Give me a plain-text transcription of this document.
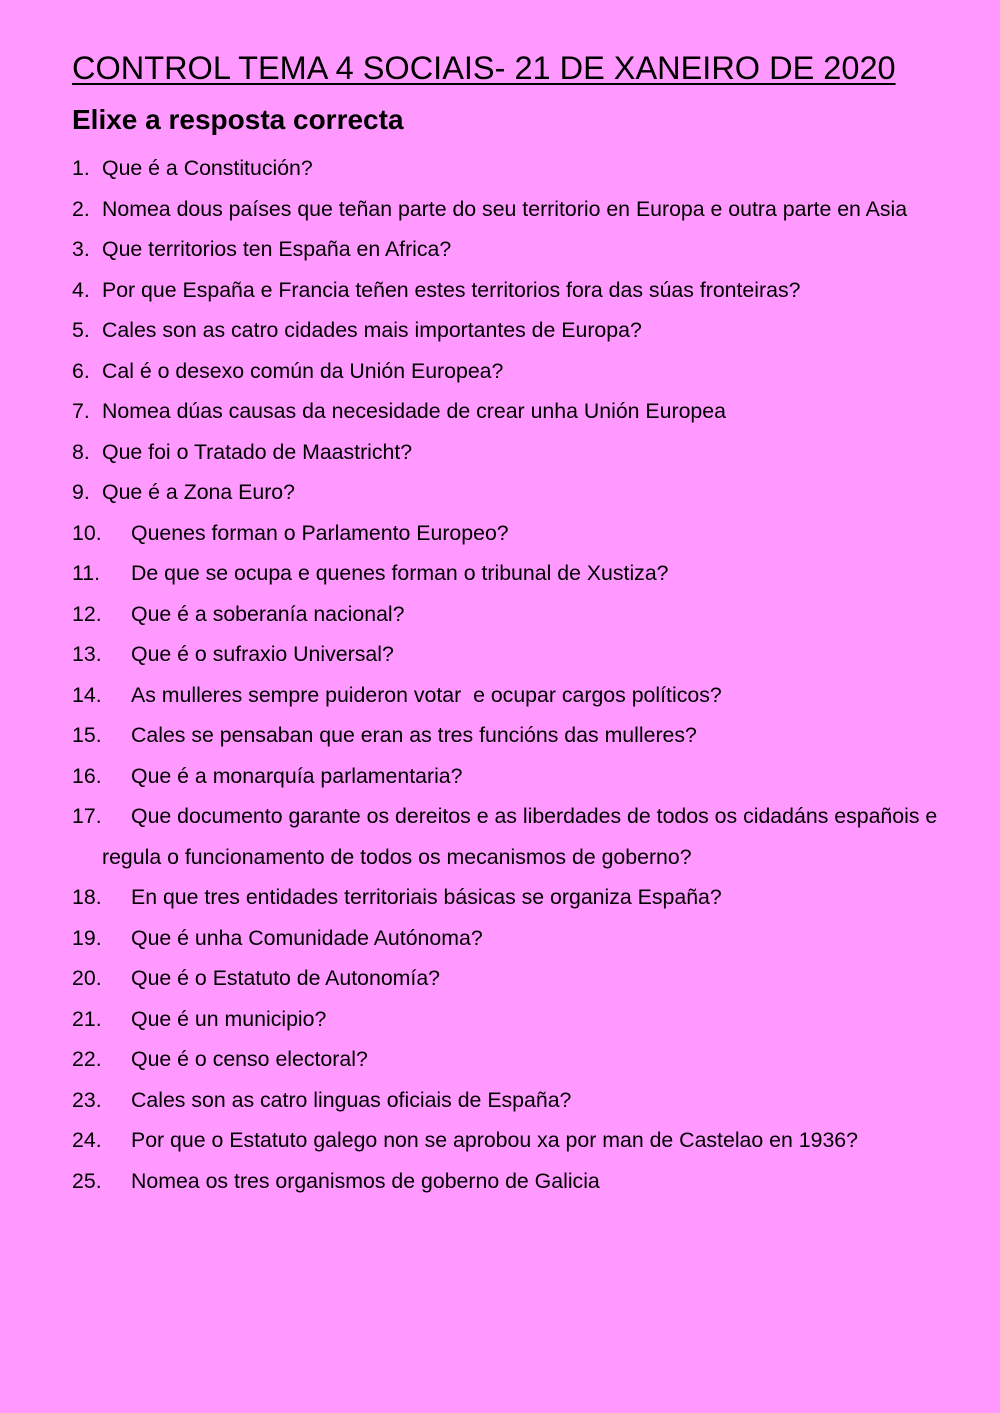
CONTROL TEMA 4 SOCIAIS- 21 DE XANEIRO DE 2020
Elixe a resposta correcta
1. Que é a Constitución?
2. Nomea dous países que teñan parte do seu territorio en Europa e outra parte en Asia
3. Que territorios ten España en Africa?
4. Por que España e Francia teñen estes territorios fora das súas fronteiras?
5. Cales son as catro cidades mais importantes de Europa?
6. Cal é o desexo común da Unión Europea?
7. Nomea dúas causas da necesidade de crear unha Unión Europea
8. Que foi o Tratado de Maastricht?
9. Que é a Zona Euro?
10. Quenes forman o Parlamento Europeo?
11. De que se ocupa e quenes forman o tribunal de Xustiza?
12. Que é a soberanía nacional?
13. Que é o sufraxio Universal?
14. As mulleres sempre puideron votar  e ocupar cargos políticos?
15. Cales se pensaban que eran as tres funcións das mulleres?
16. Que é a monarquía parlamentaria?
17. Que documento garante os dereitos e as liberdades de todos os cidadáns españois e regula o funcionamento de todos os mecanismos de goberno?
18. En que tres entidades territoriais básicas se organiza España?
19. Que é unha Comunidade Autónoma?
20. Que é o Estatuto de Autonomía?
21. Que é un municipio?
22. Que é o censo electoral?
23. Cales son as catro linguas oficiais de España?
24. Por que o Estatuto galego non se aprobou xa por man de Castelao en 1936?
25. Nomea os tres organismos de goberno de Galicia
